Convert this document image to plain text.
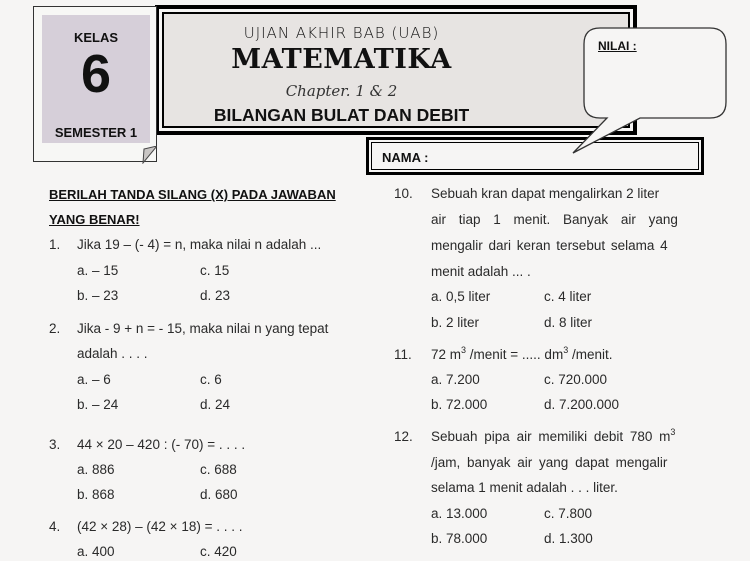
UJIAN AKHIR BAB (UAB)
MATEMATIKA
Chapter. 1 & 2
BILANGAN BULAT DAN DEBIT
NAMA :
NILAI :
KELAS
6
SEMESTER 1
BERILAH TANDA SILANG (X) PADA JAWABAN
YANG BENAR!
1. Jika 19 – (- 4) = n, maka nilai n adalah ...
a. – 15	c. 15
b. – 23	d. 23
2. Jika - 9 + n = - 15, maka nilai n yang tepat
adalah . . . .
a. – 6	c. 6
b. – 24	d. 24
3. 44 × 20 – 420 : (- 70) = . . . .
a. 886	c. 688
b. 868	d. 680
4. (42 × 28) – (42 × 18) = . . . .
a. 400	c. 420
10. Sebuah kran dapat mengalirkan 2 liter
air tiap 1 menit. Banyak air yang
mengalir dari keran tersebut selama 4
menit adalah ... .
a. 0,5 liter	c. 4 liter
b. 2 liter	d. 8 liter
11. 72 $m^3$ /menit = ..... $dm^3$ /menit.
a. 7.200	c. 720.000
b. 72.000	d. 7.200.000
12. Sebuah pipa air memiliki debit 780 $m^3$
/jam, banyak air yang dapat mengalir
selama 1 menit adalah . . . liter.
a. 13.000	c. 7.800
b. 78.000	d. 1.300
